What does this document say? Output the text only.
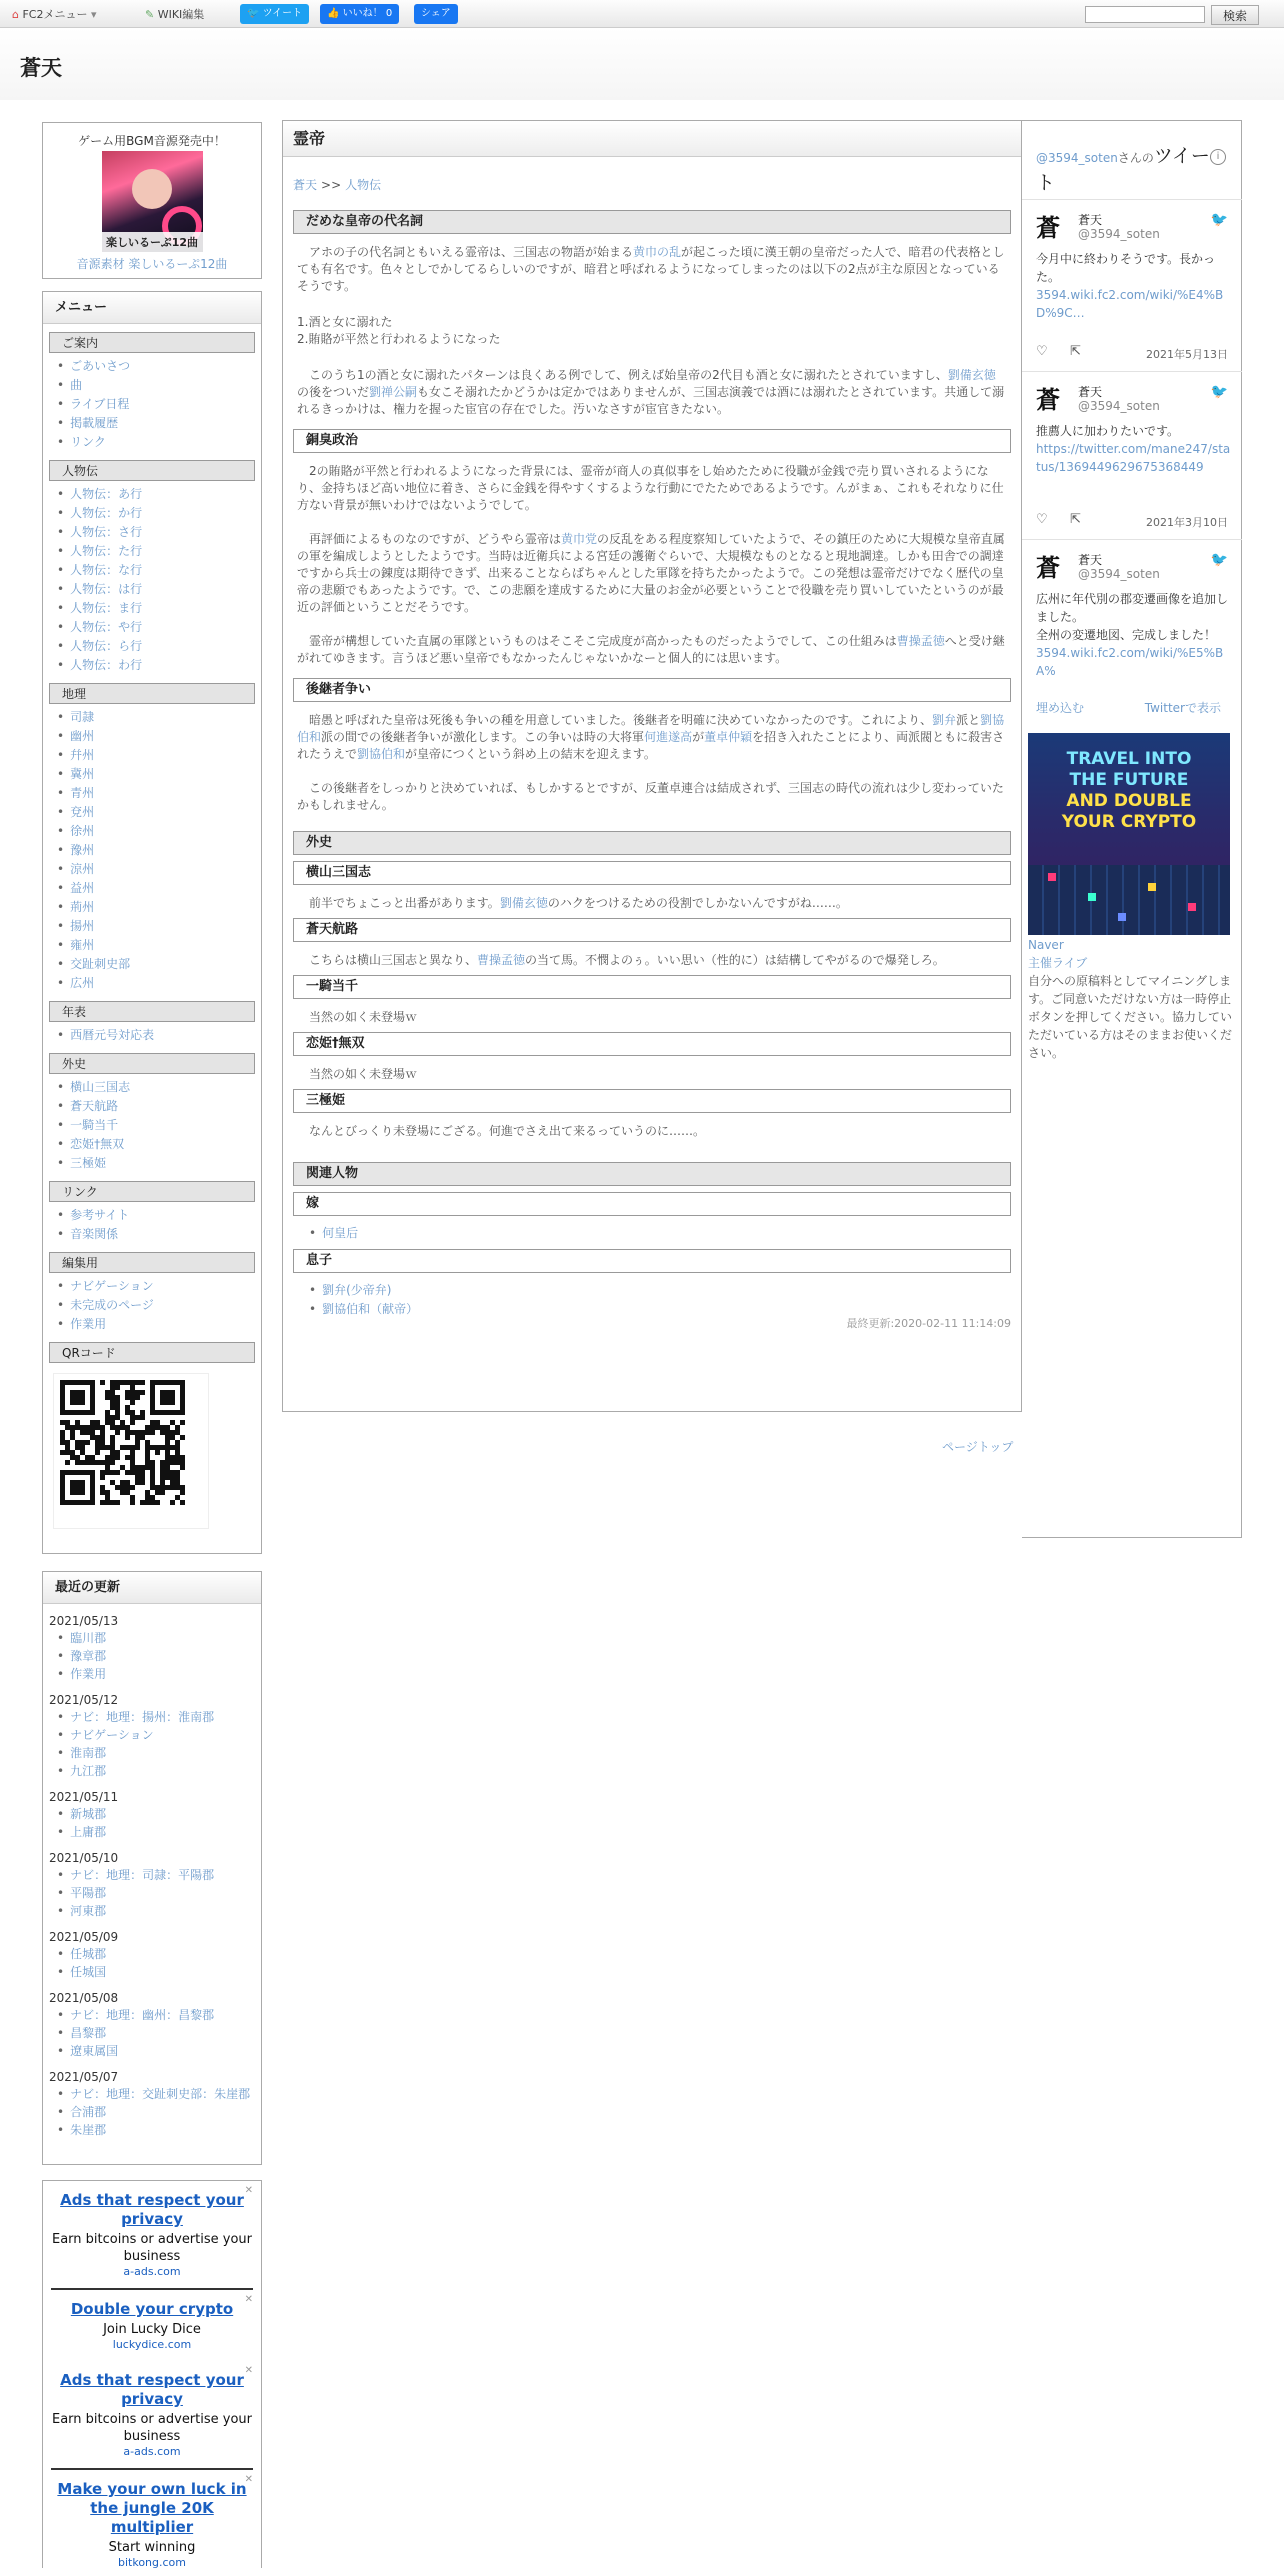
⌂ FC2メニュー ▾	✎ WIKI編集	🐦 ツイート	👍 いいね！ 0	シェア	検索
蒼天
ゲーム用BGM音源発売中！
楽しいるーぷ12曲
音源素材 楽しいるーぷ12曲
メニュー
ご案内
• ごあいさつ
• 曲
• ライブ日程
• 掲載履歴
• リンク
人物伝
• 人物伝：あ行
• 人物伝：か行
• 人物伝：さ行
• 人物伝：た行
• 人物伝：な行
• 人物伝：は行
• 人物伝：ま行
• 人物伝：や行
• 人物伝：ら行
• 人物伝：わ行
地理
• 司隷
• 幽州
• 幷州
• 冀州
• 青州
• 兗州
• 徐州
• 豫州
• 涼州
• 益州
• 荊州
• 揚州
• 雍州
• 交趾刺史部
• 広州
年表
• 西暦元号対応表
外史
• 横山三国志
• 蒼天航路
• 一騎当千
• 恋姫†無双
• 三極姫
リンク
• 参考サイト
• 音楽関係
編集用
• ナビゲーション
• 未完成のページ
• 作業用
QRコード
最近の更新
2021/05/13
• 臨川郡
• 豫章郡
• 作業用
2021/05/12
• ナビ：地理：揚州：淮南郡
• ナビゲーション
• 淮南郡
• 九江郡
2021/05/11
• 新城郡
• 上庸郡
2021/05/10
• ナビ：地理：司隷：平陽郡
• 平陽郡
• 河東郡
2021/05/09
• 任城郡
• 任城国
2021/05/08
• ナビ：地理：幽州：昌黎郡
• 昌黎郡
• 遼東属国
2021/05/07
• ナビ：地理：交趾刺史部：朱崖郡
• 合浦郡
• 朱崖郡
✕
Ads that respect your privacy
Earn bitcoins or advertise your business
a-ads.com
✕
Double your crypto
Join Lucky Dice
luckydice.com
✕
Ads that respect your privacy
Earn bitcoins or advertise your business
a-ads.com
✕
Make your own luck in the jungle 20K multiplier
Start winning
bitkong.com
霊帝
蒼天 >> 人物伝
だめな皇帝の代名詞
アホの子の代名詞ともいえる霊帝は、三国志の物語が始まる黄巾の乱が起こった頃に漢王朝の皇帝だった人で、暗君の代表格としても有名です。色々としでかしてるらしいのですが、暗君と呼ばれるようになってしまったのは以下の2点が主な原因となっているそうです。
1.酒と女に溺れた
2.賄賂が平然と行われるようになった
このうち1の酒と女に溺れたパターンは良くある例でして、例えば始皇帝の2代目も酒と女に溺れたとされていますし、劉備玄徳の後をついだ劉禅公嗣も女こそ溺れたかどうかは定かではありませんが、三国志演義では酒には溺れたとされています。共通して溺れるきっかけは、権力を握った宦官の存在でした。汚いなさすが宦官きたない。
銅臭政治
2の賄賂が平然と行われるようになった背景には、霊帝が商人の真似事をし始めたために役職が金銭で売り買いされるようになり、金持ちほど高い地位に着き、さらに金銭を得やすくするような行動にでたためであるようです。んがまぁ、これもそれなりに仕方ない背景が無いわけではないようでして。
再評価によるものなのですが、どうやら霊帝は黄巾党の反乱をある程度察知していたようで、その鎮圧のために大規模な皇帝直属の軍を編成しようとしたようです。当時は近衛兵による宮廷の護衛ぐらいで、大規模なものとなると現地調達。しかも田舎での調達ですから兵士の錬度は期待できず、出来ることならばちゃんとした軍隊を持ちたかったようで。この発想は霊帝だけでなく歴代の皇帝の悲願でもあったようです。で、この悲願を達成するために大量のお金が必要ということで役職を売り買いしていたというのが最近の評価ということだそうです。
霊帝が構想していた直属の軍隊というものはそこそこ完成度が高かったものだったようでして、この仕組みは曹操孟徳へと受け継がれてゆきます。言うほど悪い皇帝でもなかったんじゃないかなーと個人的には思います。
後継者争い
暗愚と呼ばれた皇帝は死後も争いの種を用意していました。後継者を明確に決めていなかったのです。これにより、劉弁派と劉協伯和派の間での後継者争いが激化します。この争いは時の大将軍何進遂高が董卓仲穎を招き入れたことにより、両派閥ともに殺害されたうえで劉協伯和が皇帝につくという斜め上の結末を迎えます。
この後継者をしっかりと決めていれば、もしかするとですが、反董卓連合は結成されず、三国志の時代の流れは少し変わっていたかもしれません。
外史
横山三国志
前半でちょこっと出番があります。劉備玄徳のハクをつけるための役割でしかないんですがね……。
蒼天航路
こちらは横山三国志と異なり、曹操孟徳の当て馬。不憫よのぅ。いい思い（性的に）は結構してやがるので爆発しろ。
一騎当千
当然の如く未登場ｗ
恋姫†無双
当然の如く未登場ｗ
三極姫
なんとびっくり未登場にござる。何進でさえ出て来るっていうのに……。
関連人物
嫁
• 何皇后
息子
• 劉弁(少帝弁)
• 劉協伯和（献帝）
最終更新:2020-02-11 11:14:09
ページトップ
@3594_sotenさんのツイート
i
蒼	蒼天
@3594_soten
🐦
今月中に終わりそうです。長かった。
3594.wiki.fc2.com/wiki/%E4%BD%9C…
♡ ⇱	2021年5月13日
蒼	蒼天
@3594_soten
🐦
推薦人に加わりたいです。
https://twitter.com/mane247/status/1369449629675368449
♡ ⇱	2021年3月10日
蒼	蒼天
@3594_soten
🐦
広州に年代別の郡変遷画像を追加しました。
全州の変遷地図、完成しました！
3594.wiki.fc2.com/wiki/%E5%BA%
埋め込む	Twitterで表示
TRAVEL INTO
THE FUTURE
AND DOUBLE
YOUR CRYPTO
Naver
主催ライブ
自分への原稿料としてマイニングします。ご同意いただけない方は一時停止ボタンを押してください。協力していただいている方はそのままお使いください。
